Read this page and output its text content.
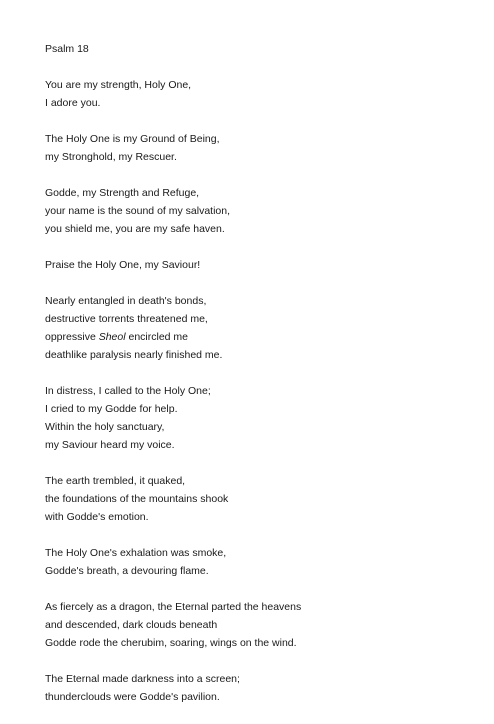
Psalm 18
You are my strength, Holy One,
I adore you.
The Holy One is my Ground of Being,
my Stronghold, my Rescuer.
Godde, my Strength and Refuge,
your name is the sound of my salvation,
you shield me, you are my safe haven.
Praise the Holy One, my Saviour!
Nearly entangled in death's bonds,
destructive torrents threatened me,
oppressive Sheol encircled me
deathlike paralysis nearly finished me.
In distress, I called to the Holy One;
I cried to my Godde for help.
Within the holy sanctuary,
my Saviour heard my voice.
The earth trembled, it quaked,
the foundations of the mountains shook
with Godde's emotion.
The Holy One's exhalation was smoke,
Godde's breath, a devouring flame.
As fiercely as a dragon, the Eternal parted the heavens
and descended, dark clouds beneath
Godde rode the cherubim, soaring, wings on the wind.
The Eternal made darkness into a screen;
thunderclouds were Godde's pavilion.
